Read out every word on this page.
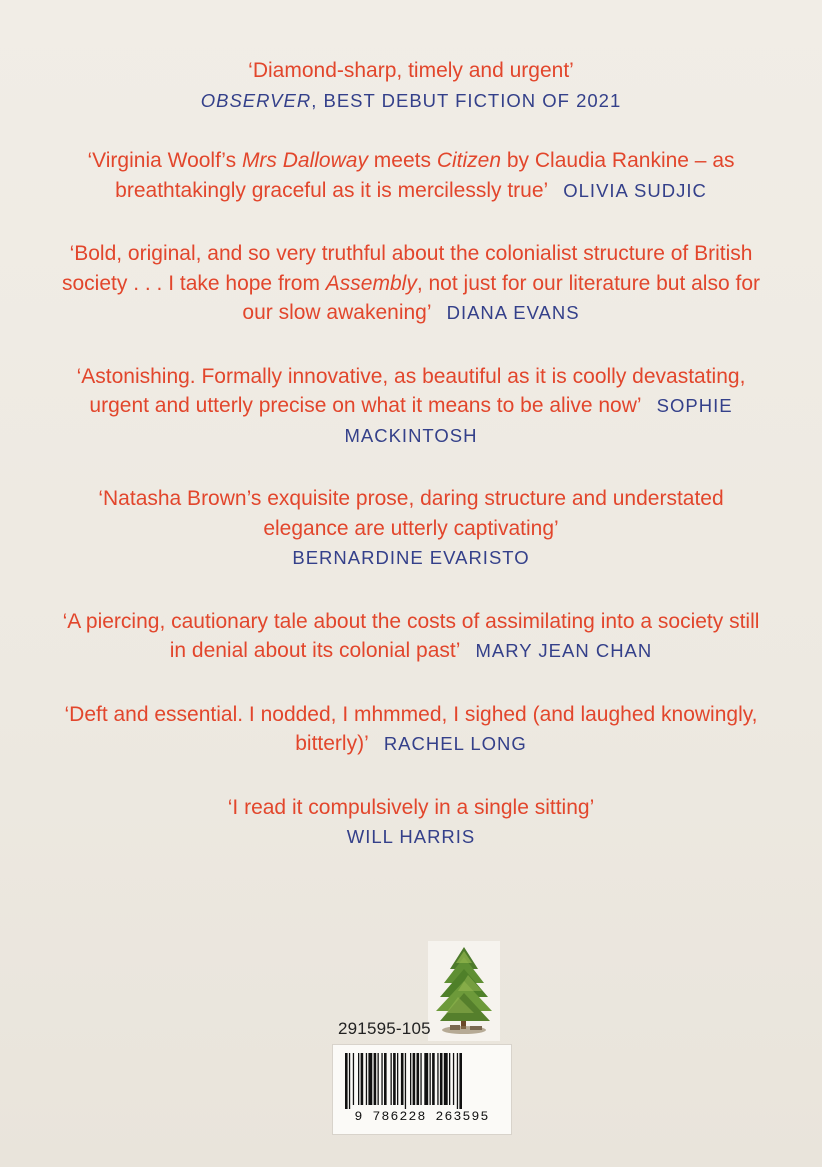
‘Diamond-sharp, timely and urgent’
OBSERVER, BEST DEBUT FICTION OF 2021

‘Virginia Woolf’s Mrs Dalloway meets Citizen by Claudia Rankine – as breathtakingly graceful as it is mercilessly true’ OLIVIA SUDJIC

‘Bold, original, and so very truthful about the colonialist structure of British society . . . I take hope from Assembly, not just for our literature but also for our slow awakening’ DIANA EVANS

‘Astonishing. Formally innovative, as beautiful as it is coolly devastating, urgent and utterly precise on what it means to be alive now’ SOPHIE MACKINTOSH

‘Natasha Brown’s exquisite prose, daring structure and understated elegance are utterly captivating’
BERNARDINE EVARISTO

‘A piercing, cautionary tale about the costs of assimilating into a society still in denial about its colonial past’ MARY JEAN CHAN

‘Deft and essential. I nodded, I mhmmed, I sighed (and laughed knowingly, bitterly)’ RACHEL LONG

‘I read it compulsively in a single sitting’
WILL HARRIS

291595-105
9 786228 263595
